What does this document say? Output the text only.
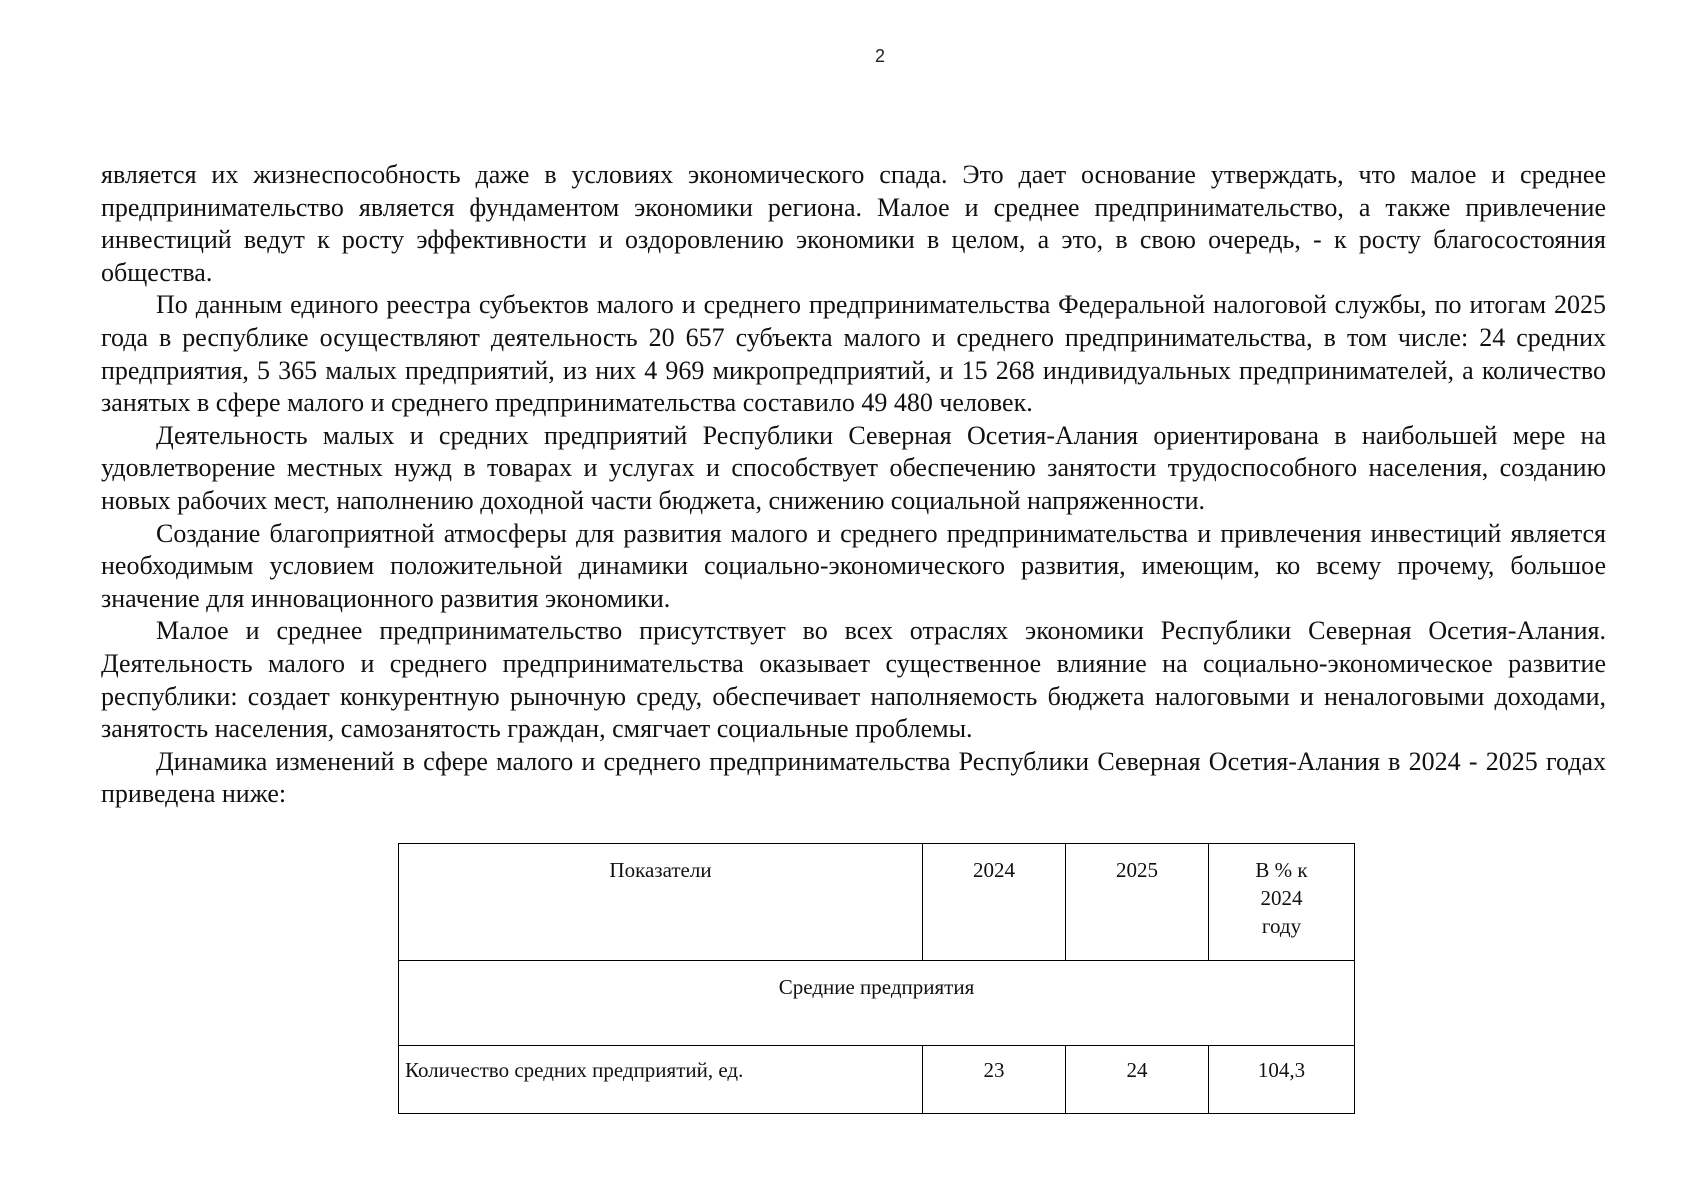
2

является их жизнеспособность даже в условиях экономического спада. Это дает основание утверждать, что малое и среднее предпринимательство является фундаментом экономики региона. Малое и среднее предпринимательство, а также привлечение инвестиций ведут к росту эффективности и оздоровлению экономики в целом, а это, в свою очередь, - к росту благосостояния общества.

По данным единого реестра субъектов малого и среднего предпринимательства Федеральной налоговой службы, по итогам 2025 года в республике осуществляют деятельность 20 657 субъекта малого и среднего предпринимательства, в том числе: 24 средних предприятия, 5 365 малых предприятий, из них 4 969 микропредприятий, и 15 268 индивидуальных предпринимателей, а количество занятых в сфере малого и среднего предпринимательства составило 49 480 человек.

Деятельность малых и средних предприятий Республики Северная Осетия-Алания ориентирована в наибольшей мере на удовлетворение местных нужд в товарах и услугах и способствует обеспечению занятости трудоспособного населения, созданию новых рабочих мест, наполнению доходной части бюджета, снижению социальной напряженности.

Создание благоприятной атмосферы для развития малого и среднего предпринимательства и привлечения инвестиций является необходимым условием положительной динамики социально-экономического развития, имеющим, ко всему прочему, большое значение для инновационного развития экономики.

Малое и среднее предпринимательство присутствует во всех отраслях экономики Республики Северная Осетия-Алания. Деятельность малого и среднего предпринимательства оказывает существенное влияние на социально-экономическое развитие республики: создает конкурентную рыночную среду, обеспечивает наполняемость бюджета налоговыми и неналоговыми доходами, занятость населения, самозанятость граждан, смягчает социальные проблемы.

Динамика изменений в сфере малого и среднего предпринимательства Республики Северная Осетия-Алания в 2024 - 2025 годах приведена ниже:

Показатели	2024	2025	В % к
2024
году
Средние предприятия			
Количество средних предприятий, ед.	23	24	104,3
